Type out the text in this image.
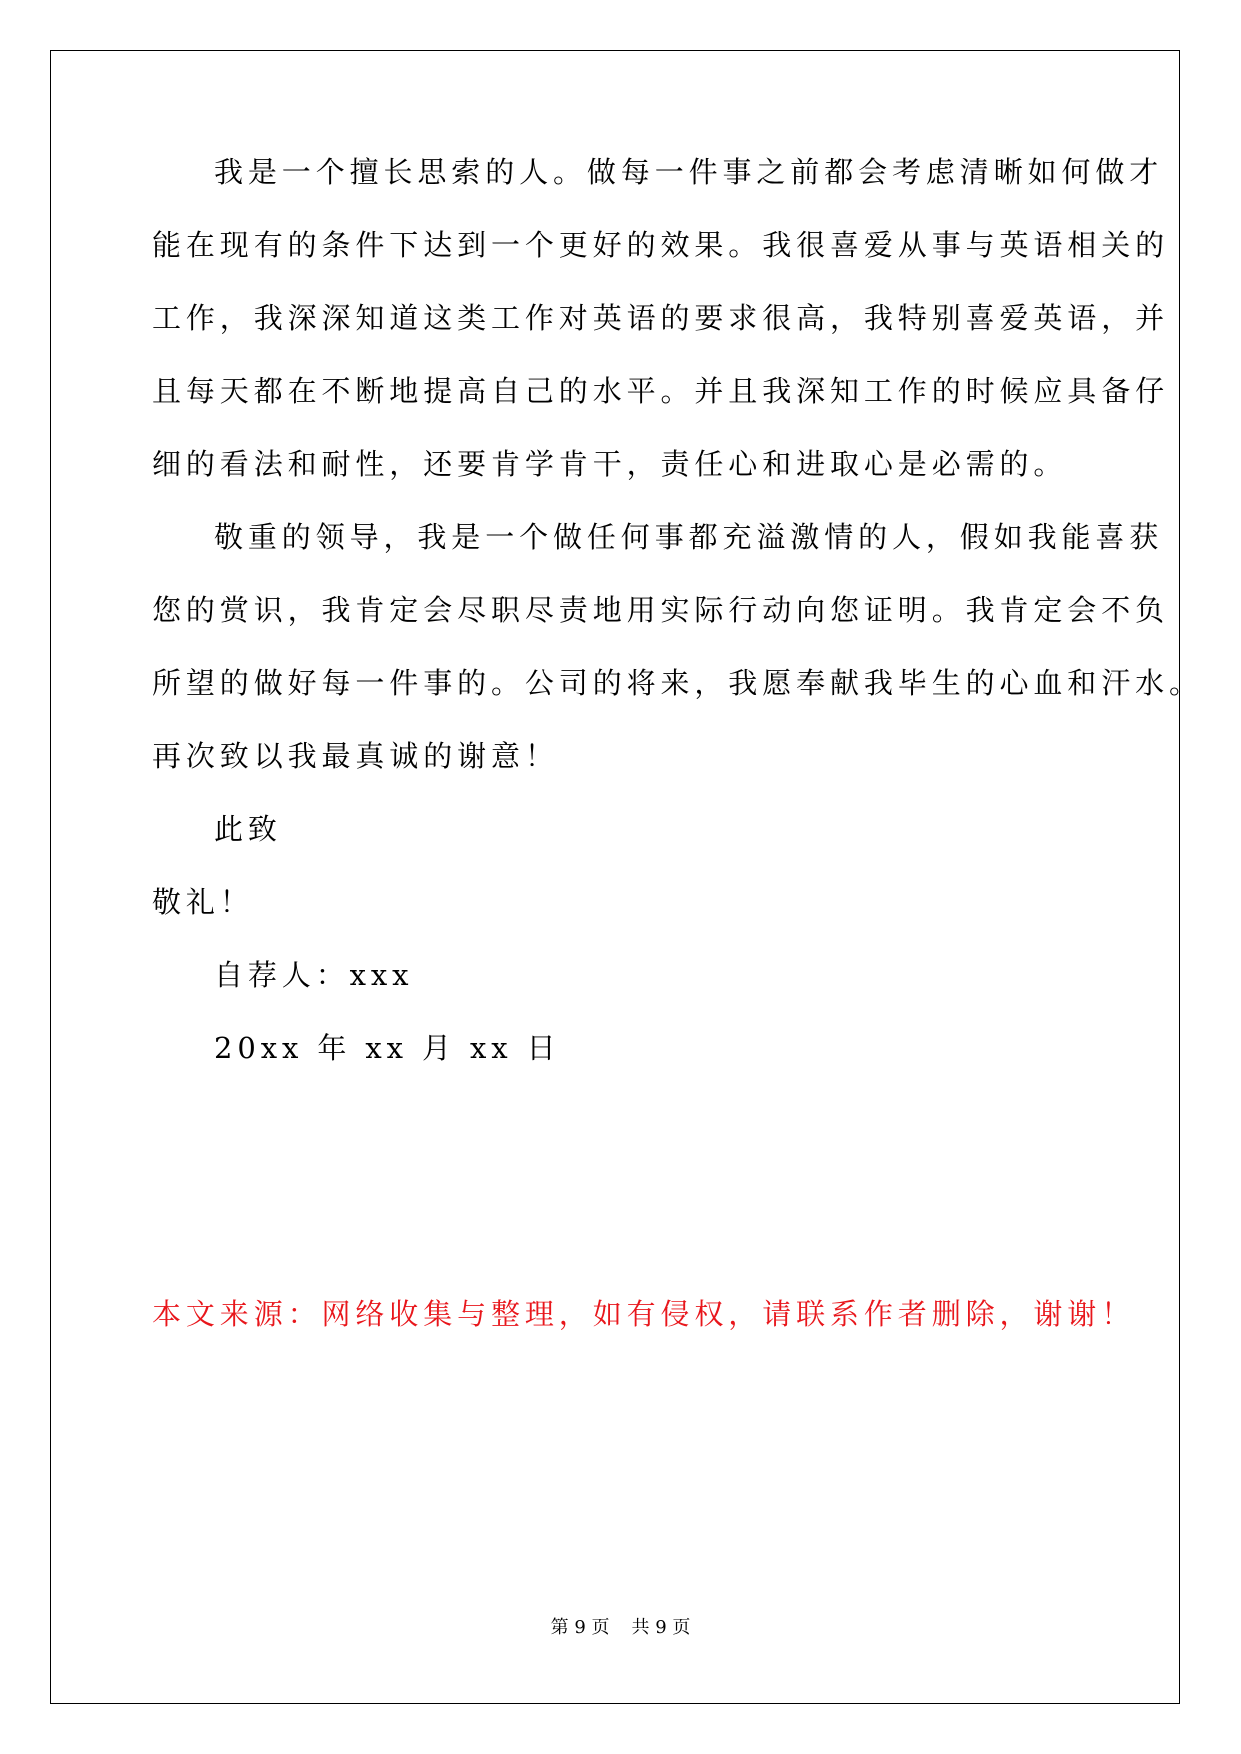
我是一个擅长思索的人。做每一件事之前都会考虑清晰如何做才
能在现有的条件下达到一个更好的效果。我很喜爱从事与英语相关的
工作，我深深知道这类工作对英语的要求很高，我特别喜爱英语，并
且每天都在不断地提高自己的水平。并且我深知工作的时候应具备仔
细的看法和耐性，还要肯学肯干，责任心和进取心是必需的。
敬重的领导，我是一个做任何事都充溢激情的人，假如我能喜获
您的赏识，我肯定会尽职尽责地用实际行动向您证明。我肯定会不负
所望的做好每一件事的。公司的将来，我愿奉献我毕生的心血和汗水。
再次致以我最真诚的谢意！
此致
敬礼！
自荐人：xxx
20xx 年 xx 月 xx 日
本文来源：网络收集与整理，如有侵权，请联系作者删除，谢谢！
第 9 页 共 9 页
